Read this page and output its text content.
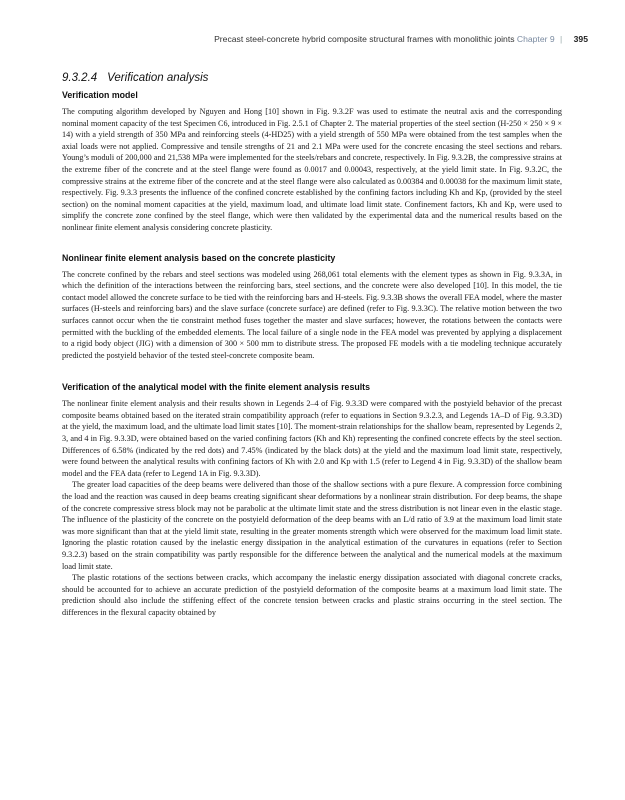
Precast steel-concrete hybrid composite structural frames with monolithic joints Chapter 9 | 395
9.3.2.4 Verification analysis
Verification model

The computing algorithm developed by Nguyen and Hong [10] shown in Fig. 9.3.2F was used to estimate the neutral axis and the corresponding nominal moment capacity of the test Specimen C6, introduced in Fig. 2.5.1 of Chapter 2. The material properties of the steel section (H-250 × 250 × 9 × 14) with a yield strength of 350 MPa and reinforcing steels (4-HD25) with a yield strength of 550 MPa were obtained from the test samples when the axial loads were not applied. Compressive and tensile strengths of 21 and 2.1 MPa were used for the concrete encasing the steel sections and rebars. Young’s moduli of 200,000 and 21,538 MPa were implemented for the steels/rebars and concrete, respectively. In Fig. 9.3.2B, the compressive strains at the extreme fiber of the concrete and at the steel flange were found as 0.0017 and 0.00043, respectively, at the yield limit state. In Fig. 9.3.2C, the compressive strains at the extreme fiber of the concrete and at the steel flange were also calculated as 0.00384 and 0.00038 for the maximum limit state, respectively. Fig. 9.3.3 presents the influence of the confined concrete established by the confining factors including Kh and Kp, (provided by the steel section) on the nominal moment capacities at the yield, maximum load, and ultimate load limit state. Confinement factors, Kh and Kp, were used to simplify the concrete zone confined by the steel flange, which were then validated by the experimental data and the numerical results based on the nonlinear finite element analysis considering concrete plasticity.

Nonlinear finite element analysis based on the concrete plasticity

The concrete confined by the rebars and steel sections was modeled using 268,061 total elements with the element types as shown in Fig. 9.3.3A, in which the definition of the interactions between the reinforcing bars, steel sections, and the concrete were also developed [10]. In this model, the tie contact model allowed the concrete surface to be tied with the reinforcing bars and H-steels. Fig. 9.3.3B shows the overall FEA model, where the master surfaces (H-steels and reinforcing bars) and the slave surface (concrete surface) are defined (refer to Fig. 9.3.3C). The relative motion between the two surfaces cannot occur when the tie constraint method fuses together the master and slave surfaces; however, the rotations between the contacts were permitted with the buckling of the embedded elements. The local failure of a single node in the FEA model was prevented by applying a displacement to a rigid body object (JIG) with a dimension of 300 × 500 mm to distribute stress. The proposed FE models with a tie modeling technique accurately predicted the postyield behavior of the tested steel-concrete composite beam.

Verification of the analytical model with the finite element analysis results

The nonlinear finite element analysis and their results shown in Legends 2–4 of Fig. 9.3.3D were compared with the postyield behavior of the precast composite beams obtained based on the iterated strain compatibility approach (refer to equations in Section 9.3.2.3, and Legends 1A–D of Fig. 9.3.3D) at the yield, the maximum load, and the ultimate load limit states [10]. The moment-strain relationships for the shallow beam, represented by Legends 2, 3, and 4 in Fig. 9.3.3D, were obtained based on the varied confining factors (Kh and Kh) representing the confined concrete effects by the steel section. Differences of 6.58% (indicated by the red dots) and 7.45% (indicated by the black dots) at the yield and the maximum load limit state, respectively, were found between the analytical results with confining factors of Kh with 2.0 and Kp with 1.5 (refer to Legend 4 in Fig. 9.3.3D) of the shallow beam model and the FEA data (refer to Legend 1A in Fig. 9.3.3D).

The greater load capacities of the deep beams were delivered than those of the shallow sections with a pure flexure. A compression force combining the load and the reaction was caused in deep beams creating significant shear deformations by a nonlinear strain distribution. For deep beams, the shape of the concrete compressive stress block may not be parabolic at the ultimate limit state and the stress distribution is not linear even in the elastic stage. The influence of the plasticity of the concrete on the postyield deformation of the deep beams with an L/d ratio of 3.9 at the maximum load limit state was more significant than that at the yield limit state, resulting in the greater moments strength which were observed for the maximum load limit state. Ignoring the plastic rotation caused by the inelastic energy dissipation in the analytical estimation of the curvatures in equations (refer to Section 9.3.2.3) based on the strain compatibility was partly responsible for the difference between the analytical and the numerical models at the maximum load limit state.

The plastic rotations of the sections between cracks, which accompany the inelastic energy dissipation associated with diagonal concrete cracks, should be accounted for to achieve an accurate prediction of the postyield deformation of the composite beams at a maximum load limit state. The prediction should also include the stiffening effect of the concrete tension between cracks and plastic strains occurring in the steel section. The differences in the flexural capacity obtained by
